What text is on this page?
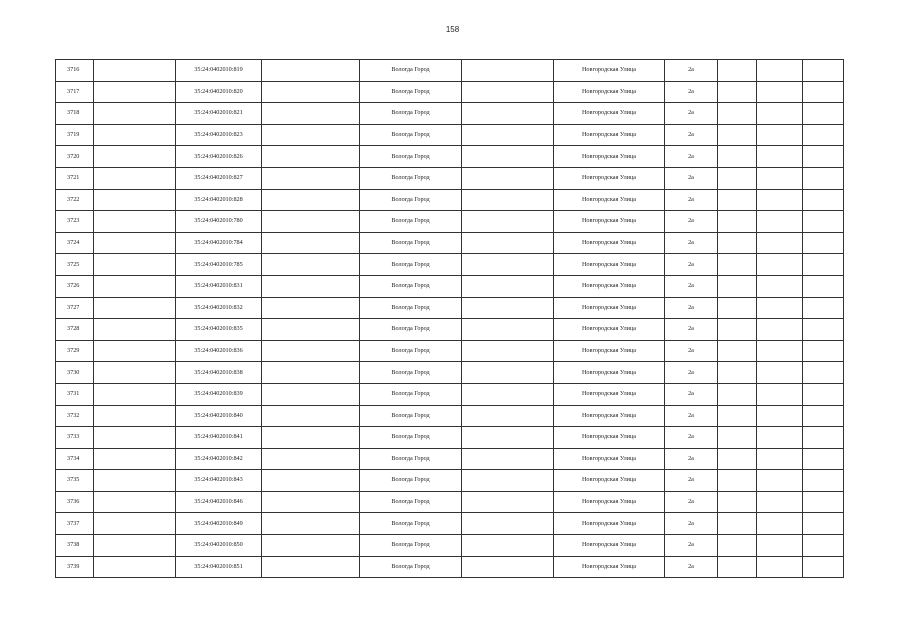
158
3716		35:24:0402010:819		Вологда Город		Новгородская Улица	2а			
3717		35:24:0402010:820		Вологда Город		Новгородская Улица	2а			
3718		35:24:0402010:821		Вологда Город		Новгородская Улица	2а			
3719		35:24:0402010:823		Вологда Город		Новгородская Улица	2а			
3720		35:24:0402010:826		Вологда Город		Новгородская Улица	2а			
3721		35:24:0402010:827		Вологда Город		Новгородская Улица	2а			
3722		35:24:0402010:828		Вологда Город		Новгородская Улица	2а			
3723		35:24:0402010:780		Вологда Город		Новгородская Улица	2а			
3724		35:24:0402010:784		Вологда Город		Новгородская Улица	2а			
3725		35:24:0402010:785		Вологда Город		Новгородская Улица	2а			
3726		35:24:0402010:831		Вологда Город		Новгородская Улица	2а			
3727		35:24:0402010:832		Вологда Город		Новгородская Улица	2а			
3728		35:24:0402010:835		Вологда Город		Новгородская Улица	2а			
3729		35:24:0402010:836		Вологда Город		Новгородская Улица	2а			
3730		35:24:0402010:838		Вологда Город		Новгородская Улица	2а			
3731		35:24:0402010:839		Вологда Город		Новгородская Улица	2а			
3732		35:24:0402010:840		Вологда Город		Новгородская Улица	2а			
3733		35:24:0402010:841		Вологда Город		Новгородская Улица	2а			
3734		35:24:0402010:842		Вологда Город		Новгородская Улица	2а			
3735		35:24:0402010:843		Вологда Город		Новгородская Улица	2а			
3736		35:24:0402010:846		Вологда Город		Новгородская Улица	2а			
3737		35:24:0402010:849		Вологда Город		Новгородская Улица	2а			
3738		35:24:0402010:850		Вологда Город		Новгородская Улица	2а			
3739		35:24:0402010:851		Вологда Город		Новгородская Улица	2а			
